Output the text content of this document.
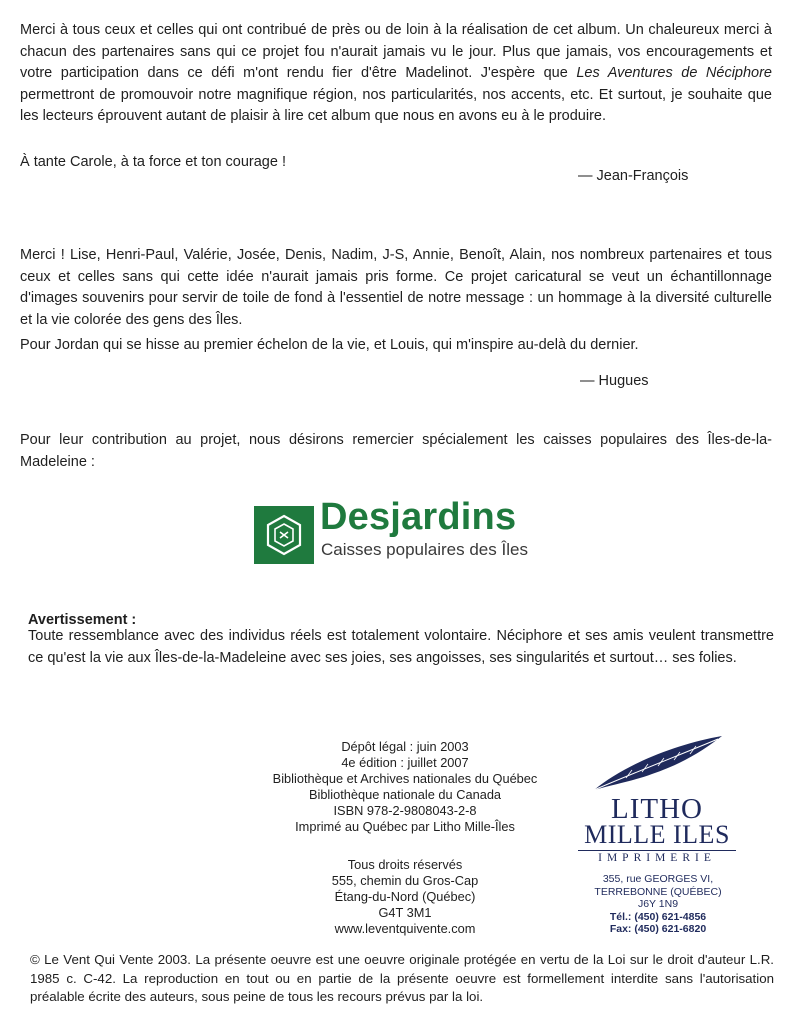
Merci à tous ceux et celles qui ont contribué de près ou de loin à la réalisation de cet album. Un chaleureux merci à chacun des partenaires sans qui ce projet fou n'aurait jamais vu le jour. Plus que jamais, vos encouragements et votre participation dans ce défi m'ont rendu fier d'être Madelinot. J'espère que Les Aventures de Néciphore permettront de promouvoir notre magnifique région, nos particularités, nos accents, etc. Et surtout, je souhaite que les lecteurs éprouvent autant de plaisir à lire cet album que nous en avons eu à le produire.

À tante Carole, à ta force et ton courage !

— Jean-François

Merci ! Lise, Henri-Paul, Valérie, Josée, Denis, Nadim, J-S, Annie, Benoît, Alain, nos nombreux partenaires et tous ceux et celles sans qui cette idée n'aurait jamais pris forme. Ce projet caricatural se veut un échantillonnage d'images souvenirs pour servir de toile de fond à l'essentiel de notre message : un hommage à la diversité culturelle et la vie colorée des gens des Îles.

Pour Jordan qui se hisse au premier échelon de la vie, et Louis, qui m'inspire au-delà du dernier.

— Hugues

Pour leur contribution au projet, nous désirons remercier spécialement les caisses populaires des Îles-de-la-Madeleine :

Desjardins
Caisses populaires des Îles
Avertissement :

Toute ressemblance avec des individus réels est totalement volontaire. Néciphore et ses amis veulent transmettre ce qu'est la vie aux Îles-de-la-Madeleine avec ses joies, ses angoisses, ses singularités et surtout… ses folies.

Dépôt légal : juin 2003
4e édition : juillet 2007
Bibliothèque et Archives nationales du Québec
Bibliothèque nationale du Canada
ISBN 978-2-9808043-2-8
Imprimé au Québec par Litho Mille-Îles
Tous droits réservés
555, chemin du Gros-Cap
Étang-du-Nord (Québec)
G4T 3M1
www.leventquivente.com
LITHO
MILLE ILES
IMPRIMERIE
355, rue GEORGES VI,
TERREBONNE (QUÉBEC)
J6Y 1N9
Tél.: (450) 621-4856
Fax: (450) 621-6820

© Le Vent Qui Vente 2003. La présente oeuvre est une oeuvre originale protégée en vertu de la Loi sur le droit d'auteur L.R. 1985 c. C-42. La reproduction en tout ou en partie de la présente oeuvre est formellement interdite sans l'autorisation préalable écrite des auteurs, sous peine de tous les recours prévus par la loi.
